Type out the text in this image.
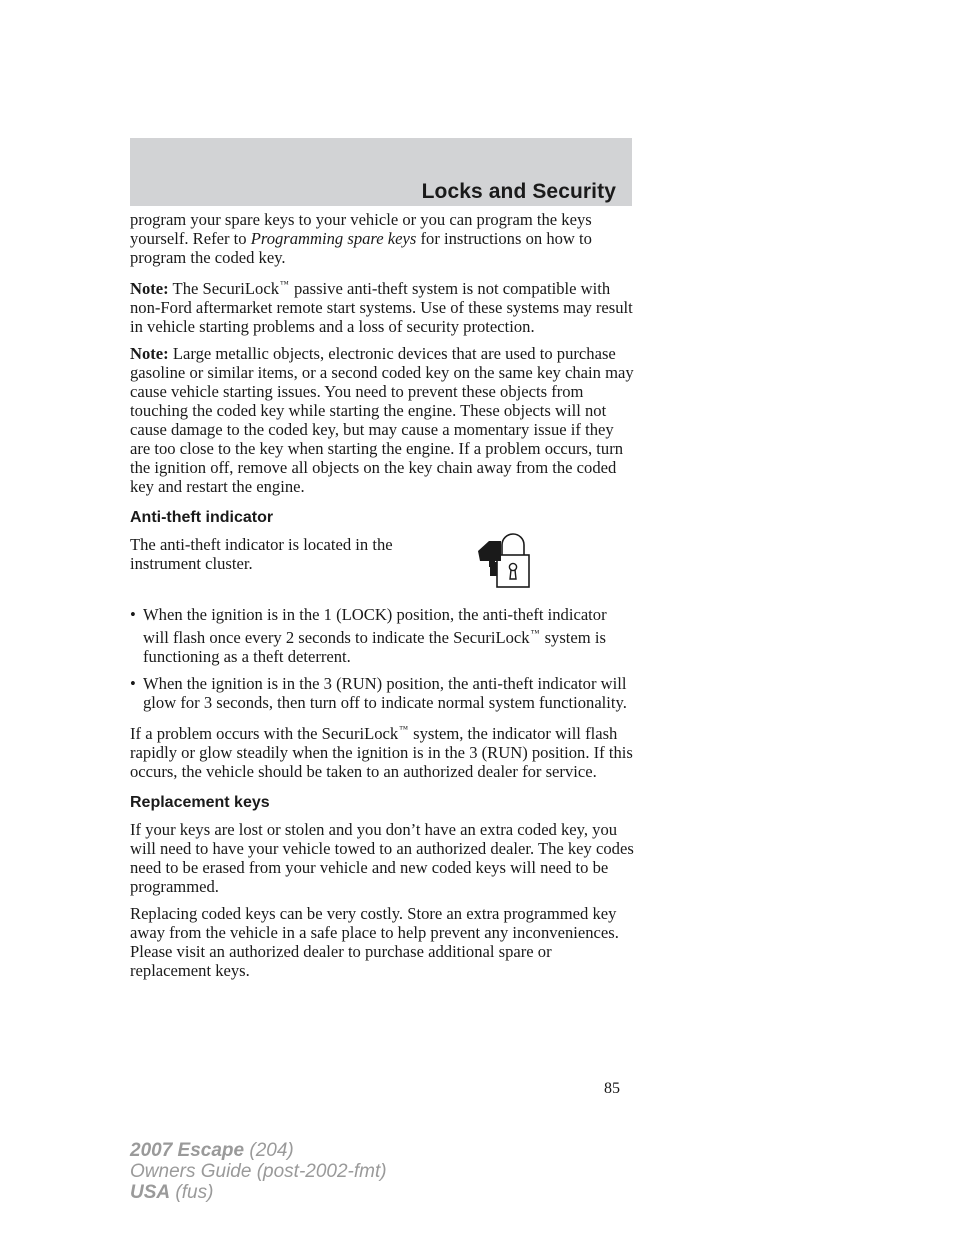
Locks and Security

program your spare keys to your vehicle or you can program the keys yourself. Refer to Programming spare keys for instructions on how to program the coded key.

Note: The SecuriLock™ passive anti-theft system is not compatible with non-Ford aftermarket remote start systems. Use of these systems may result in vehicle starting problems and a loss of security protection.

Note: Large metallic objects, electronic devices that are used to purchase gasoline or similar items, or a second coded key on the same key chain may cause vehicle starting issues. You need to prevent these objects from touching the coded key while starting the engine. These objects will not cause damage to the coded key, but may cause a momentary issue if they are too close to the key when starting the engine. If a problem occurs, turn the ignition off, remove all objects on the key chain away from the coded key and restart the engine.

Anti-theft indicator
The anti-theft indicator is located in the instrument cluster.
• When the ignition is in the 1 (LOCK) position, the anti-theft indicator will flash once every 2 seconds to indicate the SecuriLock™ system is functioning as a theft deterrent.
• When the ignition is in the 3 (RUN) position, the anti-theft indicator will glow for 3 seconds, then turn off to indicate normal system functionality.

If a problem occurs with the SecuriLock™ system, the indicator will flash rapidly or glow steadily when the ignition is in the 3 (RUN) position. If this occurs, the vehicle should be taken to an authorized dealer for service.

Replacement keys

If your keys are lost or stolen and you don’t have an extra coded key, you will need to have your vehicle towed to an authorized dealer. The key codes need to be erased from your vehicle and new coded keys will need to be programmed.

Replacing coded keys can be very costly. Store an extra programmed key away from the vehicle in a safe place to help prevent any inconveniences. Please visit an authorized dealer to purchase additional spare or replacement keys.

85
2007 Escape (204)
Owners Guide (post-2002-fmt)
USA (fus)
